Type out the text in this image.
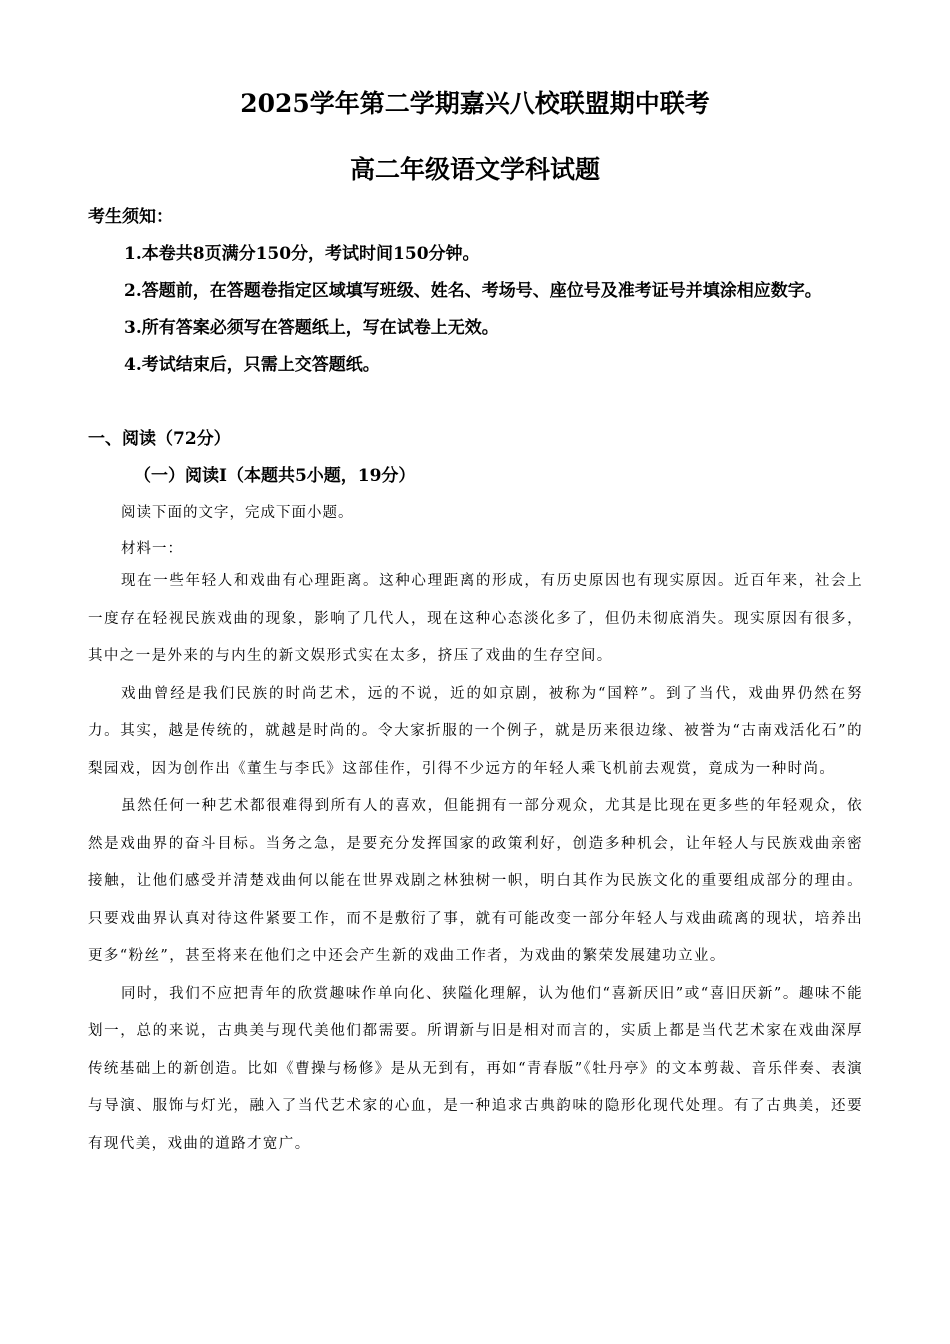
2025学年第二学期嘉兴八校联盟期中联考
高二年级语文学科试题

考生须知：

1.本卷共8页满分150分，考试时间150分钟。

2.答题前，在答题卷指定区域填写班级、姓名、考场号、座位号及准考证号并填涂相应数字。

3.所有答案必须写在答题纸上，写在试卷上无效。

4.考试结束后，只需上交答题纸。

一、阅读（72分）
（一）阅读Ⅰ（本题共5小题，19分）
阅读下面的文字，完成下面小题。
材料一：

现在一些年轻人和戏曲有心理距离。这种心理距离的形成，有历史原因也有现实原因。近百年来，社会上一度存在轻视民族戏曲的现象，影响了几代人，现在这种心态淡化多了，但仍未彻底消失。现实原因有很多，其中之一是外来的与内生的新文娱形式实在太多，挤压了戏曲的生存空间。

戏曲曾经是我们民族的时尚艺术，远的不说，近的如京剧，被称为“国粹”。到了当代，戏曲界仍然在努力。其实，越是传统的，就越是时尚的。令大家折服的一个例子，就是历来很边缘、被誉为“古南戏活化石”的梨园戏，因为创作出《董生与李氏》这部佳作，引得不少远方的年轻人乘飞机前去观赏，竟成为一种时尚。

虽然任何一种艺术都很难得到所有人的喜欢，但能拥有一部分观众，尤其是比现在更多些的年轻观众，依然是戏曲界的奋斗目标。当务之急，是要充分发挥国家的政策利好，创造多种机会，让年轻人与民族戏曲亲密接触，让他们感受并清楚戏曲何以能在世界戏剧之林独树一帜，明白其作为民族文化的重要组成部分的理由。只要戏曲界认真对待这件紧要工作，而不是敷衍了事，就有可能改变一部分年轻人与戏曲疏离的现状，培养出更多“粉丝”，甚至将来在他们之中还会产生新的戏曲工作者，为戏曲的繁荣发展建功立业。

同时，我们不应把青年的欣赏趣味作单向化、狭隘化理解，认为他们“喜新厌旧”或“喜旧厌新”。趣味不能划一，总的来说，古典美与现代美他们都需要。所谓新与旧是相对而言的，实质上都是当代艺术家在戏曲深厚传统基础上的新创造。比如《曹操与杨修》是从无到有，再如“青春版”《牡丹亭》的文本剪裁、音乐伴奏、表演与导演、服饰与灯光，融入了当代艺术家的心血，是一种追求古典韵味的隐形化现代处理。有了古典美，还要有现代美，戏曲的道路才宽广。
